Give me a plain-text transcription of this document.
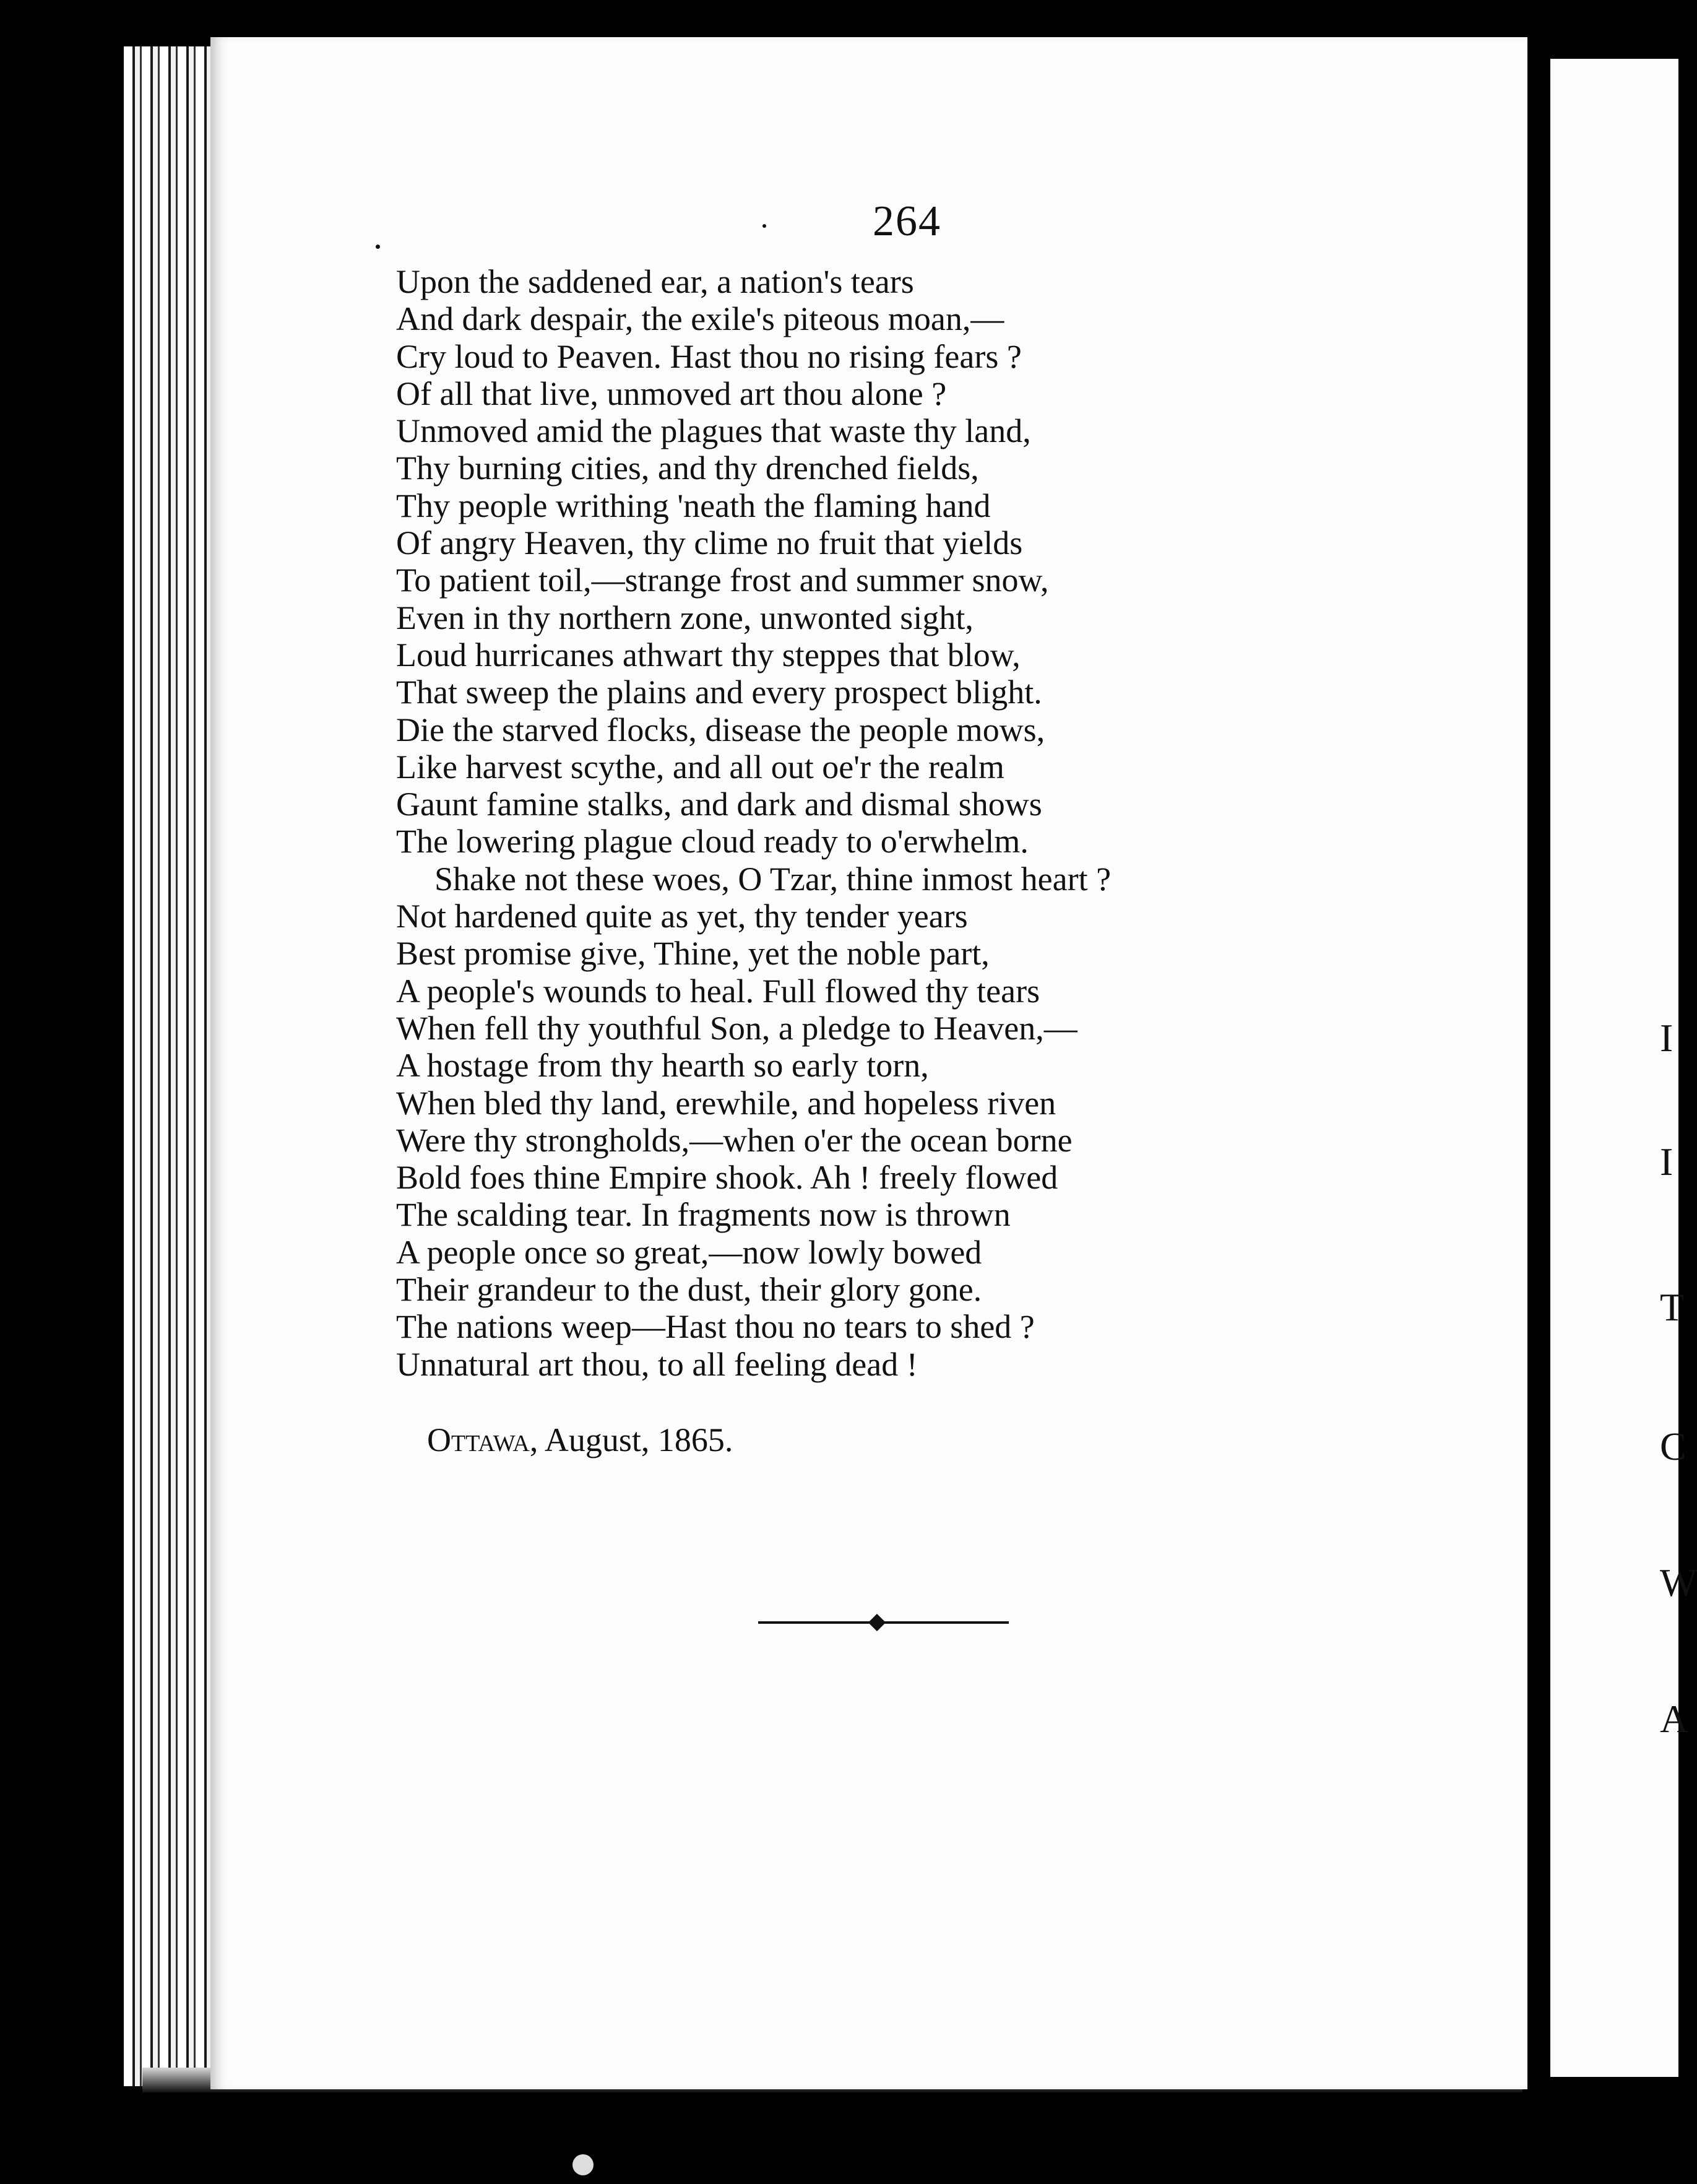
I
I
T
C
W
A
264
Upon the saddened ear, a nation's tears
And dark despair, the exile's piteous moan,—
Cry loud to Peaven. Hast thou no rising fears ?
Of all that live, unmoved art thou alone ?
Unmoved amid the plagues that waste thy land,
Thy burning cities, and thy drenched fields,
Thy people writhing 'neath the flaming hand
Of angry Heaven, thy clime no fruit that yields
To patient toil,—strange frost and summer snow,
Even in thy northern zone, unwonted sight,
Loud hurricanes athwart thy steppes that blow,
That sweep the plains and every prospect blight.
Die the starved flocks, disease the people mows,
Like harvest scythe, and all out oe'r the realm
Gaunt famine stalks, and dark and dismal shows
The lowering plague cloud ready to o'erwhelm.
Shake not these woes, O Tzar, thine inmost heart ?
Not hardened quite as yet, thy tender years
Best promise give, Thine, yet the noble part,
A people's wounds to heal. Full flowed thy tears
When fell thy youthful Son, a pledge to Heaven,—
A hostage from thy hearth so early torn,
When bled thy land, erewhile, and hopeless riven
Were thy strongholds,—when o'er the ocean borne
Bold foes thine Empire shook. Ah ! freely flowed
The scalding tear. In fragments now is thrown
A people once so great,—now lowly bowed
Their grandeur to the dust, their glory gone.
The nations weep—Hast thou no tears to shed ?
Unnatural art thou, to all feeling dead !
Ottawa, August, 1865.
